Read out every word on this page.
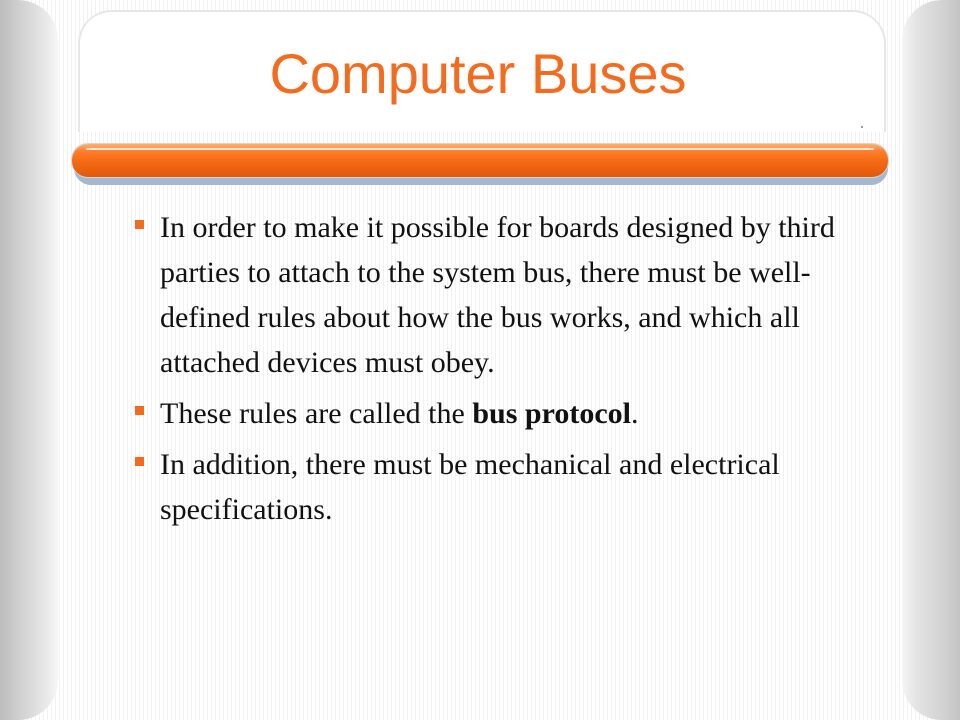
Computer Buses
In order to make it possible for boards designed by third parties to attach to the system bus, there must be well-defined rules about how the bus works, and which all attached devices must obey.
These rules are called the bus protocol.
In addition, there must be mechanical and electrical specifications.
